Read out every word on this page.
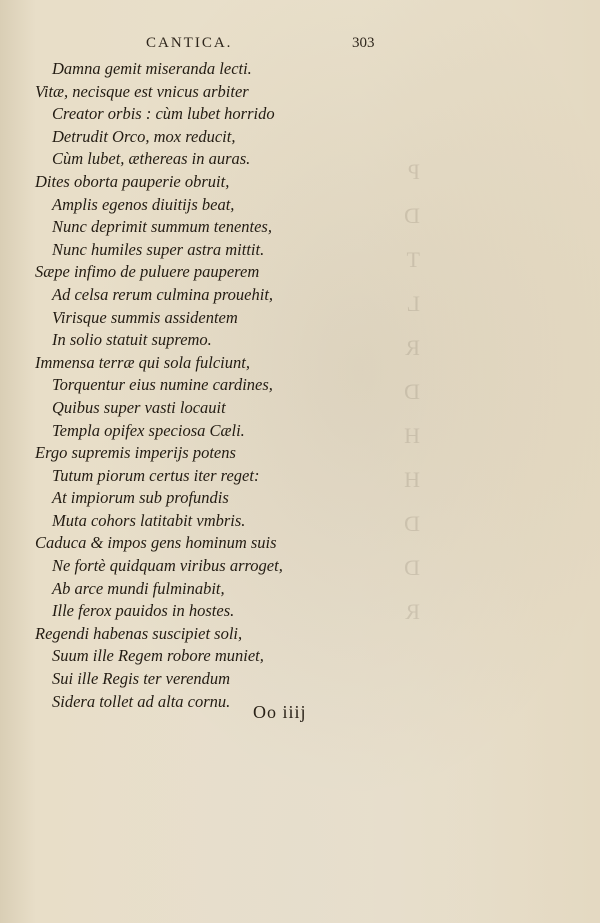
P
D
T
L
R
D
H
H
D
D
R
CANTICA.	303
Damna gemit miseranda lecti.
Vitæ, necisque est vnicus arbiter
Creator orbis : cùm lubet horrido
Detrudit Orco, mox reducit,
Cùm lubet, æthereas in auras.
Dites oborta pauperie obruit,
Amplis egenos diuitijs beat,
Nunc deprimit summum tenentes,
Nunc humiles super astra mittit.
Sæpe infimo de puluere pauperem
Ad celsa rerum culmina prouehit,
Virisque summis assidentem
In solio statuit supremo.
Immensa terræ qui sola fulciunt,
Torquentur eius numine cardines,
Quibus super vasti locauit
Templa opifex speciosa Cæli.
Ergo supremis imperijs potens
Tutum piorum certus iter reget:
At impiorum sub profundis
Muta cohors latitabit vmbris.
Caduca & impos gens hominum suis
Ne fortè quidquam viribus arroget,
Ab arce mundi fulminabit,
Ille ferox pauidos in hostes.
Regendi habenas suscipiet soli,
Suum ille Regem robore muniet,
Sui ille Regis ter verendum
Sidera tollet ad alta cornu.
Oo iiij
